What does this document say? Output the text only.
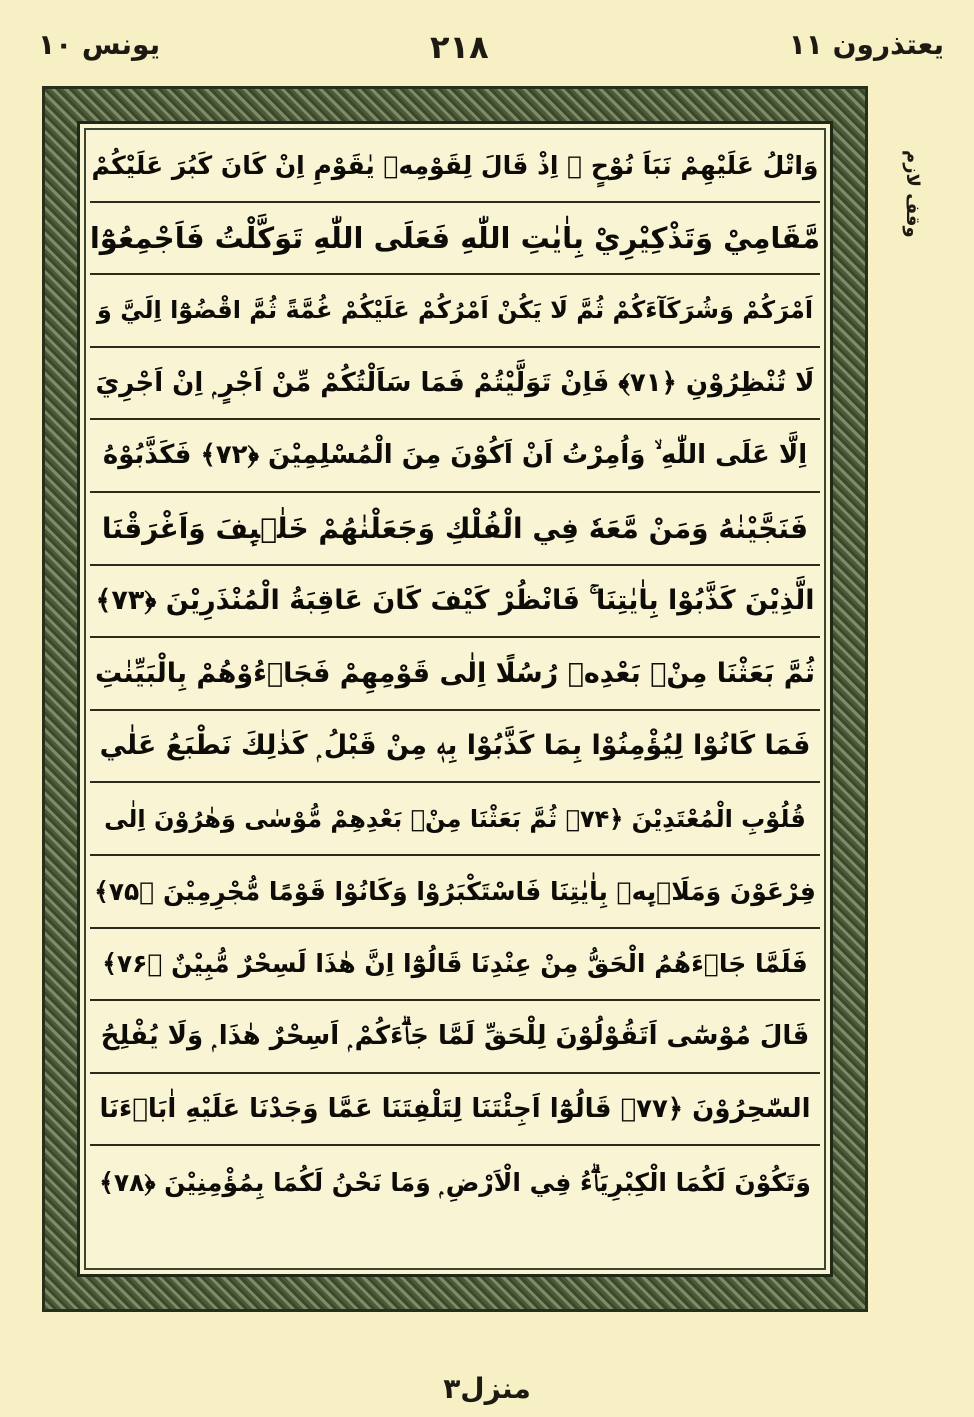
یونس ۱۰	۲۱۸	یعتذرون ۱۱
وَاتْلُ عَلَيْهِمْ نَبَاَ نُوْحٍ ۘ اِذْ قَالَ لِقَوْمِهٖ يٰقَوْمِ اِنْ كَانَ كَبُرَ عَلَيْكُمْ
مَّقَامِيْ وَتَذْكِيْرِيْ بِاٰيٰتِ اللّٰهِ فَعَلَى اللّٰهِ تَوَكَّلْتُ فَاَجْمِعُوْٓا
اَمْرَكُمْ وَشُرَكَآءَكُمْ ثُمَّ لَا يَكُنْ اَمْرُكُمْ عَلَيْكُمْ غُمَّةً ثُمَّ اقْضُوْٓا اِلَيَّ وَ
لَا تُنْظِرُوْنِ ﴿۷۱﴾ فَاِنْ تَوَلَّيْتُمْ فَمَا سَاَلْتُكُمْ مِّنْ اَجْرٍ ۭ اِنْ اَجْرِيَ
اِلَّا عَلَى اللّٰهِ ۙ وَاُمِرْتُ اَنْ اَكُوْنَ مِنَ الْمُسْلِمِيْنَ ﴿۷۲﴾ فَكَذَّبُوْهُ
فَنَجَّيْنٰهُ وَمَنْ مَّعَهٗ فِي الْفُلْكِ وَجَعَلْنٰهُمْ خَلٰۗىِٕفَ وَاَغْرَقْنَا
الَّذِيْنَ كَذَّبُوْا بِاٰيٰتِنَا ۚ فَانْظُرْ كَيْفَ كَانَ عَاقِبَةُ الْمُنْذَرِيْنَ ﴿۷۳﴾
ثُمَّ بَعَثْنَا مِنْۢ بَعْدِهٖ رُسُلًا اِلٰى قَوْمِهِمْ فَجَاۗءُوْهُمْ بِالْبَيِّنٰتِ
فَمَا كَانُوْا لِيُؤْمِنُوْا بِمَا كَذَّبُوْا بِهٖ مِنْ قَبْلُ ۭ كَذٰلِكَ نَطْبَعُ عَلٰي
قُلُوْبِ الْمُعْتَدِيْنَ ﴿۷۴﴾ ثُمَّ بَعَثْنَا مِنْۢ بَعْدِهِمْ مُّوْسٰى وَهٰرُوْنَ اِلٰى
فِرْعَوْنَ وَمَلَا۟ىِٕهٖ بِاٰيٰتِنَا فَاسْتَكْبَرُوْا وَكَانُوْا قَوْمًا مُّجْرِمِيْنَ ﴿۷۵﴾
فَلَمَّا جَاۗءَهُمُ الْحَقُّ مِنْ عِنْدِنَا قَالُوْٓا اِنَّ هٰذَا لَسِحْرٌ مُّبِيْنٌ ﴿۷۶﴾
قَالَ مُوْسٰٓى اَتَقُوْلُوْنَ لِلْحَقِّ لَمَّا جَاۗءَكُمْ ۭ اَسِحْرٌ هٰذَا ۭ وَلَا يُفْلِحُ
السّٰحِرُوْنَ ﴿۷۷﴾ قَالُوْٓا اَجِئْتَنَا لِتَلْفِتَنَا عَمَّا وَجَدْنَا عَلَيْهِ اٰبَاۗءَنَا
وَتَكُوْنَ لَكُمَا الْكِبْرِيَاۗءُ فِي الْاَرْضِ ۭ وَمَا نَحْنُ لَكُمَا بِمُؤْمِنِيْنَ ﴿۷۸﴾
وقف لازم
منزل۳
